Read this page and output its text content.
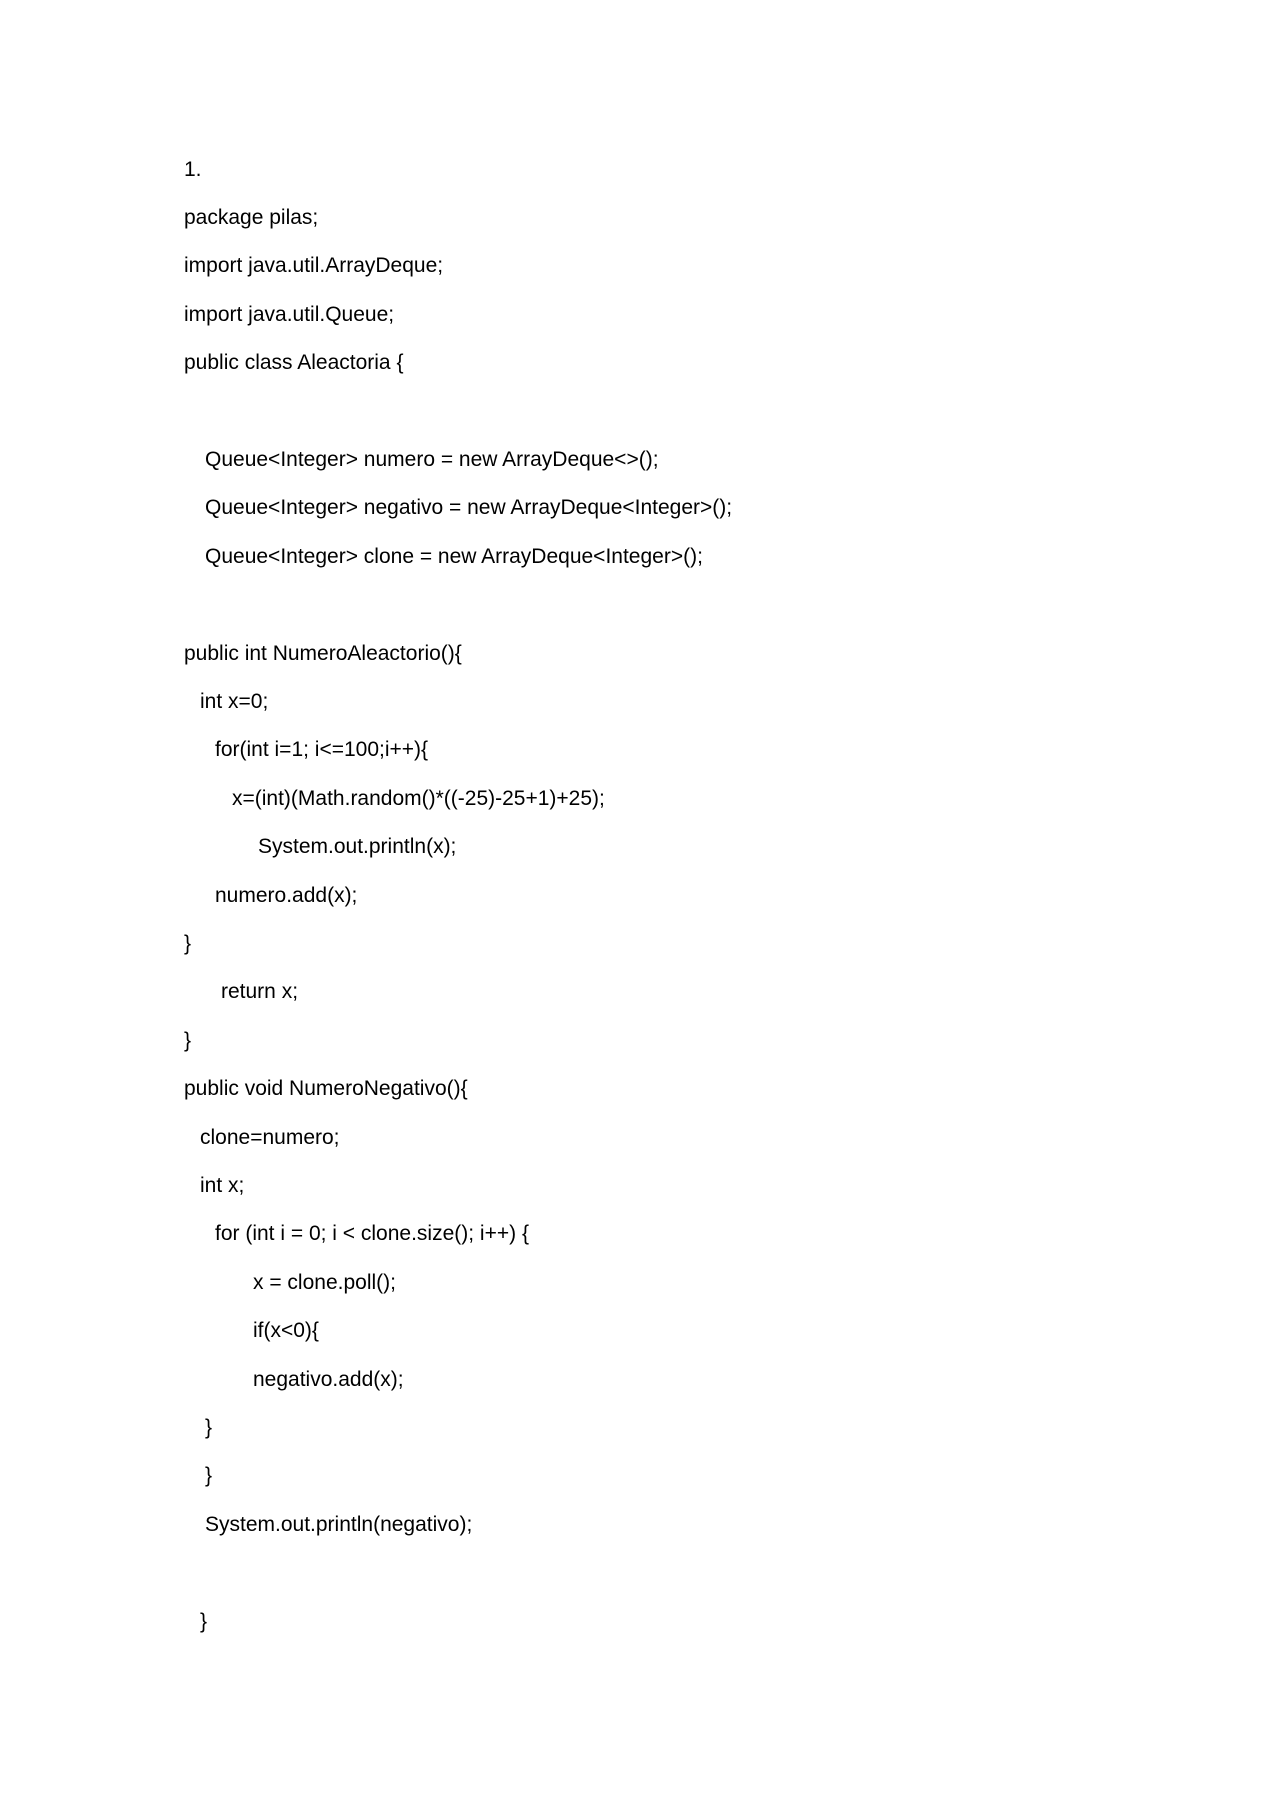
1.
package pilas;
import java.util.ArrayDeque;
import java.util.Queue;
public class Aleactoria {
Queue<Integer> numero = new ArrayDeque<>();
Queue<Integer> negativo = new ArrayDeque<Integer>();
Queue<Integer> clone = new ArrayDeque<Integer>();
public int NumeroAleactorio(){
int x=0;
for(int i=1; i<=100;i++){
x=(int)(Math.random()*((-25)-25+1)+25);
System.out.println(x);
numero.add(x);
}
return x;
}
public void NumeroNegativo(){
clone=numero;
int x;
for (int i = 0; i < clone.size(); i++) {
x = clone.poll();
if(x<0){
negativo.add(x);
}
}
System.out.println(negativo);
}
